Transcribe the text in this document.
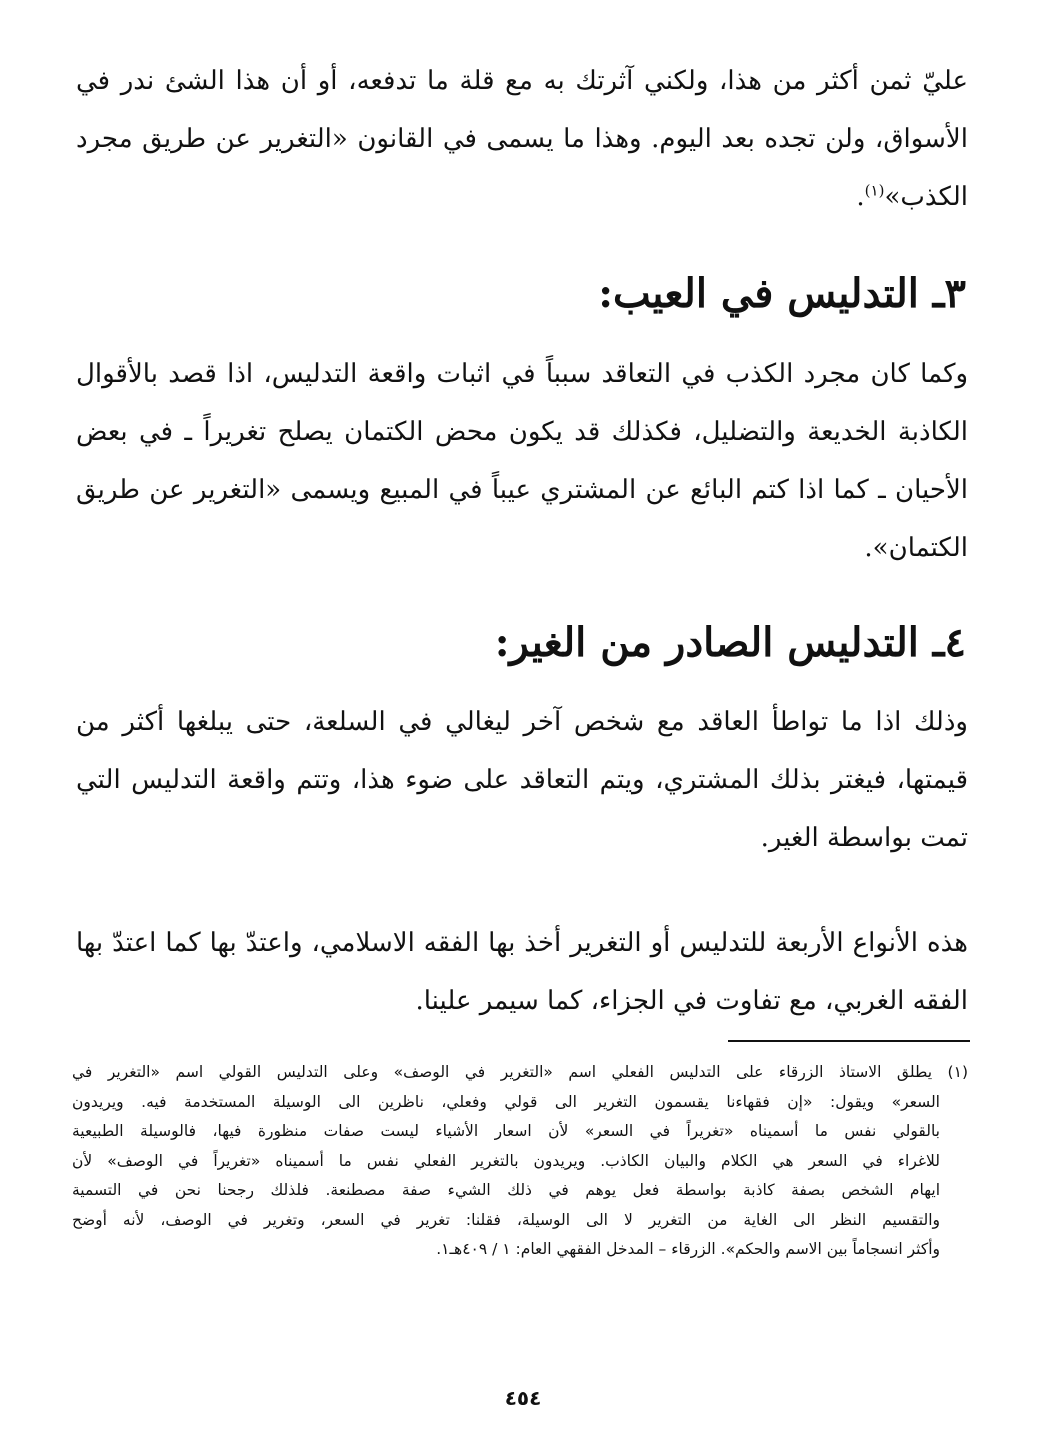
عليّ ثمن أكثر من هذا، ولكني آثرتك به مع قلة ما تدفعه، أو أن هذا الشئ ندر في الأسواق، ولن تجده بعد اليوم. وهذا ما يسمى في القانون «التغرير عن طريق مجرد الكذب»$^{(١)}$.

٣ـ التدليس في العيب:

وكما كان مجرد الكذب في التعاقد سبباً في اثبات واقعة التدليس، اذا قصد بالأقوال الكاذبة الخديعة والتضليل، فكذلك قد يكون محض الكتمان يصلح تغريراً ـ في بعض الأحيان ـ كما اذا كتم البائع عن المشتري عيباً في المبيع ويسمى «التغرير عن طريق الكتمان».

٤ـ التدليس الصادر من الغير:

وذلك اذا ما تواطأ العاقد مع شخص آخر ليغالي في السلعة، حتى يبلغها أكثر من قيمتها، فيغتر بذلك المشتري، ويتم التعاقد على ضوء هذا، وتتم واقعة التدليس التي تمت بواسطة الغير.

هذه الأنواع الأربعة للتدليس أو التغرير أخذ بها الفقه الاسلامي، واعتدّ بها كما اعتدّ بها الفقه الغربي، مع تفاوت في الجزاء، كما سيمر علينا.

(١) يطلق الاستاذ الزرقاء على التدليس الفعلي اسم «التغرير في الوصف» وعلى التدليس القولي اسم «التغرير في
السعر» ويقول: «إن فقهاءنا يقسمون التغرير الى قولي وفعلي، ناظرين الى الوسيلة المستخدمة فيه. ويريدون
بالقولي نفس ما أسميناه «تغريراً في السعر» لأن اسعار الأشياء ليست صفات منظورة فيها، فالوسيلة الطبيعية
للاغراء في السعر هي الكلام والبيان الكاذب. ويريدون بالتغرير الفعلي نفس ما أسميناه «تغريراً في الوصف» لأن
ايهام الشخص بصفة كاذبة بواسطة فعل يوهم في ذلك الشيء صفة مصطنعة. فلذلك رجحنا نحن في التسمية
والتقسيم النظر الى الغاية من التغرير لا الى الوسيلة، فقلنا: تغرير في السعر، وتغرير في الوصف، لأنه أوضح
وأكثر انسجاماً بين الاسم والحكم». الزرقاء – المدخل الفقهي العام: ١ / ٤٠٩هـ١.
٤٥٤
